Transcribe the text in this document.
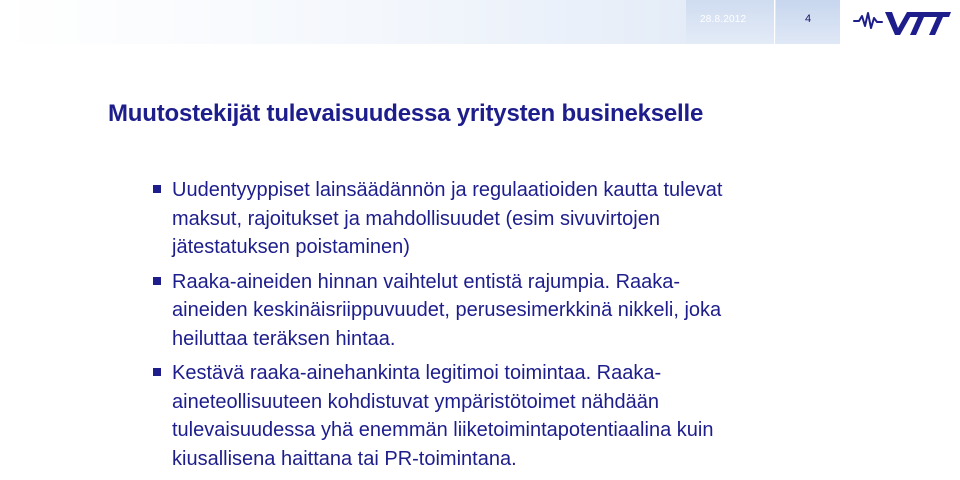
28.8.2012	4
Muutostekijät tulevaisuudessa yritysten businekselle
Uudentyyppiset lainsäädännön ja regulaatioiden kautta tulevat
maksut, rajoitukset ja mahdollisuudet (esim sivuvirtojen
jätestatuksen poistaminen)
Raaka-aineiden hinnan vaihtelut entistä rajumpia. Raaka-
aineiden keskinäisriippuvuudet, perusesimerkkinä nikkeli, joka
heiluttaa teräksen hintaa.
Kestävä raaka-ainehankinta legitimoi toimintaa. Raaka-
aineteollisuuteen kohdistuvat ympäristötoimet nähdään
tulevaisuudessa yhä enemmän liiketoimintapotentiaalina kuin
kiusallisena haittana tai PR-toimintana.
